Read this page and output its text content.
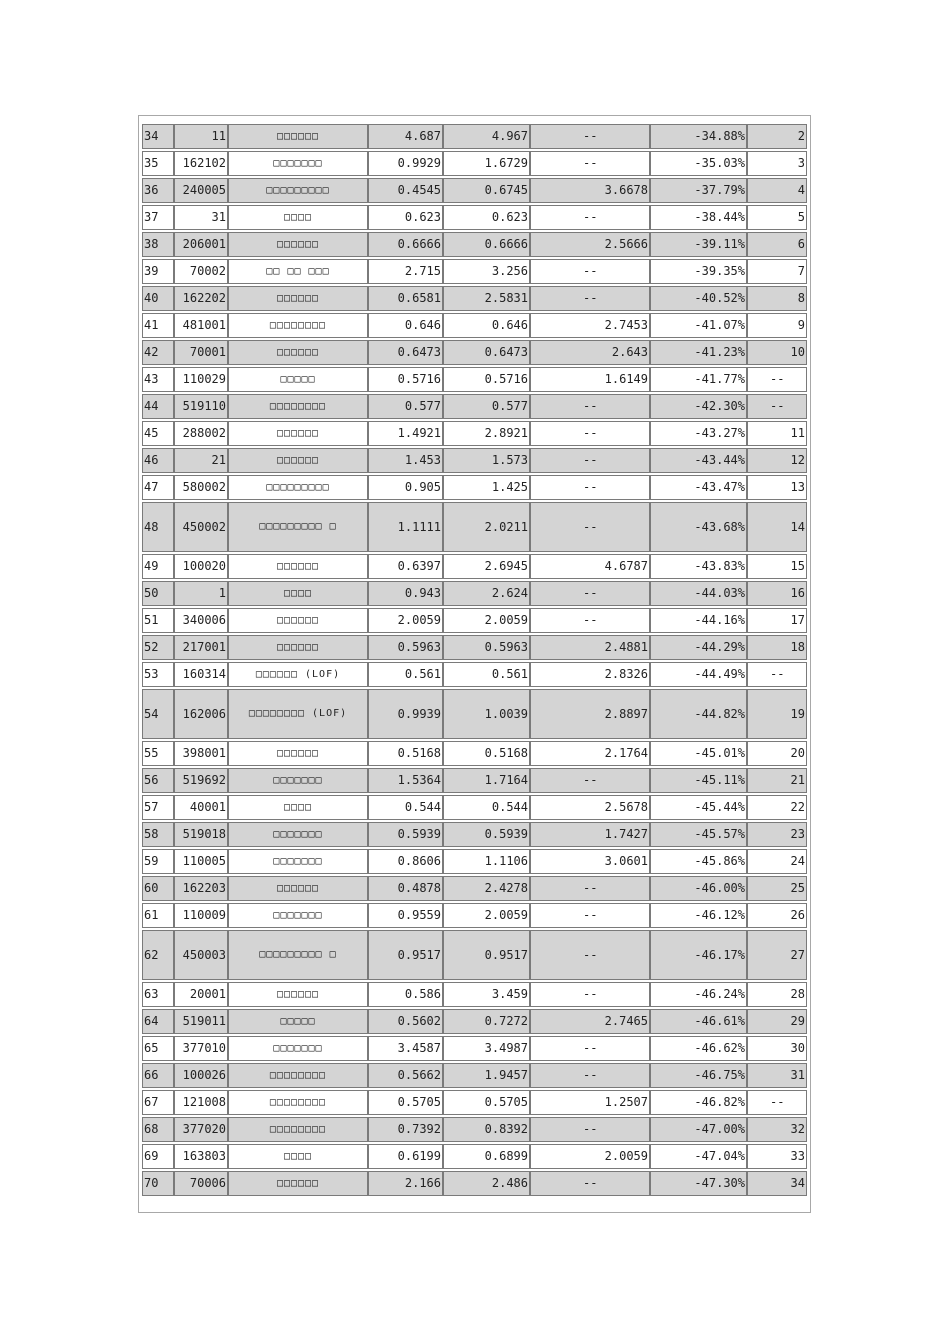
34	11	□□□□□□	4.687	4.967	--	-34.88%	2
35	162102	□□□□□□□	0.9929	1.6729	--	-35.03%	3
36	240005	□□□□□□□□□	0.4545	0.6745	3.6678	-37.79%	4
37	31	□□□□	0.623	0.623	--	-38.44%	5
38	206001	□□□□□□	0.6666	0.6666	2.5666	-39.11%	6
39	70002	□□ □□ □□□	2.715	3.256	--	-39.35%	7
40	162202	□□□□□□	0.6581	2.5831	--	-40.52%	8
41	481001	□□□□□□□□	0.646	0.646	2.7453	-41.07%	9
42	70001	□□□□□□	0.6473	0.6473	2.643	-41.23%	10
43	110029	□□□□□	0.5716	0.5716	1.6149	-41.77%	--
44	519110	□□□□□□□□	0.577	0.577	--	-42.30%	--
45	288002	□□□□□□	1.4921	2.8921	--	-43.27%	11
46	21	□□□□□□	1.453	1.573	--	-43.44%	12
47	580002	□□□□□□□□□	0.905	1.425	--	-43.47%	13
48	450002	□□□□□□□□□ □	1.1111	2.0211	--	-43.68%	14
49	100020	□□□□□□	0.6397	2.6945	4.6787	-43.83%	15
50	1	□□□□	0.943	2.624	--	-44.03%	16
51	340006	□□□□□□	2.0059	2.0059	--	-44.16%	17
52	217001	□□□□□□	0.5963	0.5963	2.4881	-44.29%	18
53	160314	□□□□□□ (LOF)	0.561	0.561	2.8326	-44.49%	--
54	162006	□□□□□□□□ (LOF)	0.9939	1.0039	2.8897	-44.82%	19
55	398001	□□□□□□	0.5168	0.5168	2.1764	-45.01%	20
56	519692	□□□□□□□	1.5364	1.7164	--	-45.11%	21
57	40001	□□□□	0.544	0.544	2.5678	-45.44%	22
58	519018	□□□□□□□	0.5939	0.5939	1.7427	-45.57%	23
59	110005	□□□□□□□	0.8606	1.1106	3.0601	-45.86%	24
60	162203	□□□□□□	0.4878	2.4278	--	-46.00%	25
61	110009	□□□□□□□	0.9559	2.0059	--	-46.12%	26
62	450003	□□□□□□□□□ □	0.9517	0.9517	--	-46.17%	27
63	20001	□□□□□□	0.586	3.459	--	-46.24%	28
64	519011	□□□□□	0.5602	0.7272	2.7465	-46.61%	29
65	377010	□□□□□□□	3.4587	3.4987	--	-46.62%	30
66	100026	□□□□□□□□	0.5662	1.9457	--	-46.75%	31
67	121008	□□□□□□□□	0.5705	0.5705	1.2507	-46.82%	--
68	377020	□□□□□□□□	0.7392	0.8392	--	-47.00%	32
69	163803	□□□□	0.6199	0.6899	2.0059	-47.04%	33
70	70006	□□□□□□	2.166	2.486	--	-47.30%	34
